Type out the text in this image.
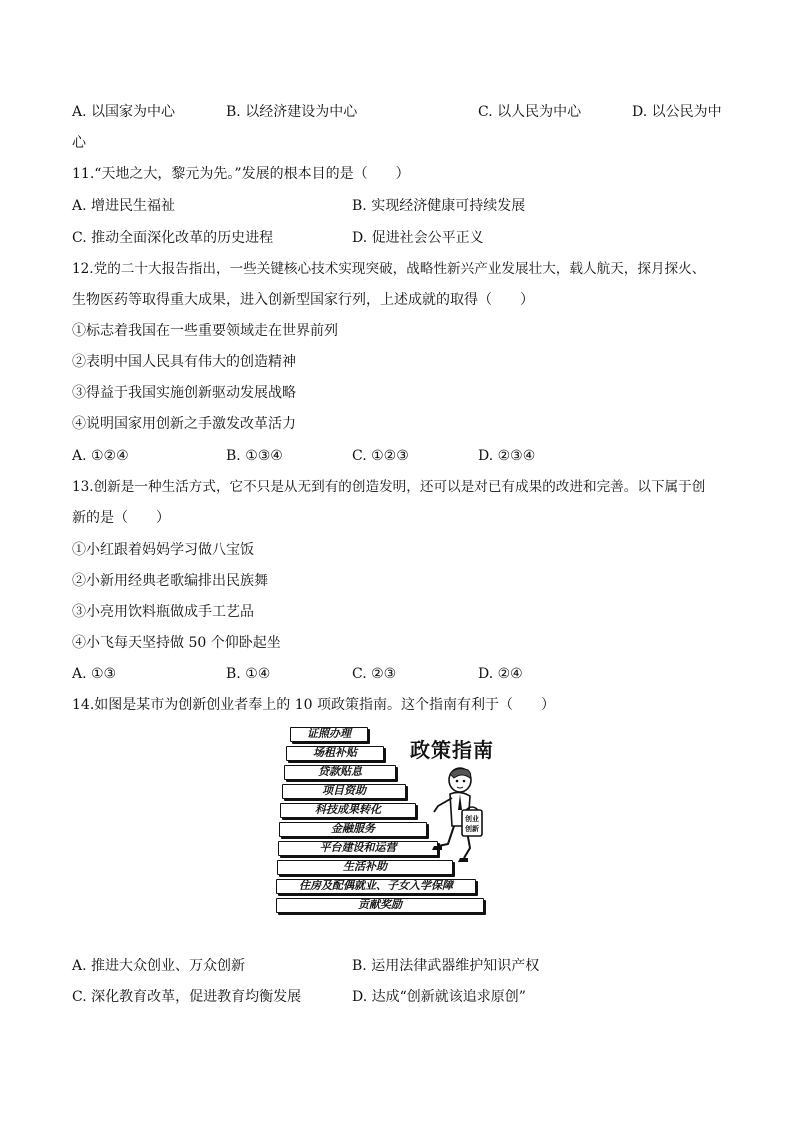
A. 以国家为中心	B. 以经济建设为中心	C. 以人民为中心	D. 以公民为中
心
11.“天地之大，黎元为先。”发展的根本目的是（　　）
A. 增进民生福祉	B. 实现经济健康可持续发展
C. 推动全面深化改革的历史进程	D. 促进社会公平正义
12.党的二十大报告指出，一些关键核心技术实现突破，战略性新兴产业发展壮大，载人航天，探月探火、
生物医药等取得重大成果，进入创新型国家行列，上述成就的取得（　　）
①标志着我国在一些重要领域走在世界前列
②表明中国人民具有伟大的创造精神
③得益于我国实施创新驱动发展战略
④说明国家用创新之手激发改革活力
A. ①②④	B. ①③④	C. ①②③	D. ②③④
13.创新是一种生活方式，它不只是从无到有的创造发明，还可以是对已有成果的改进和完善。以下属于创
新的是（　　）
①小红跟着妈妈学习做八宝饭
②小新用经典老歌编排出民族舞
③小亮用饮料瓶做成手工艺品
④小飞每天坚持做 50 个仰卧起坐
A. ①③	B. ①④	C. ②③	D. ②④
14.如图是某市为创新创业者奉上的 10 项政策指南。这个指南有利于（　　）
政策指南
证照办理
场租补贴
贷款贴息
项目资助
科技成果转化
金融服务
平台建设和运营
生活补助
住房及配偶就业、子女入学保障
贡献奖励
创业
创新
A. 推进大众创业、万众创新	B. 运用法律武器维护知识产权
C. 深化教育改革，促进教育均衡发展	D. 达成“创新就该追求原创”
